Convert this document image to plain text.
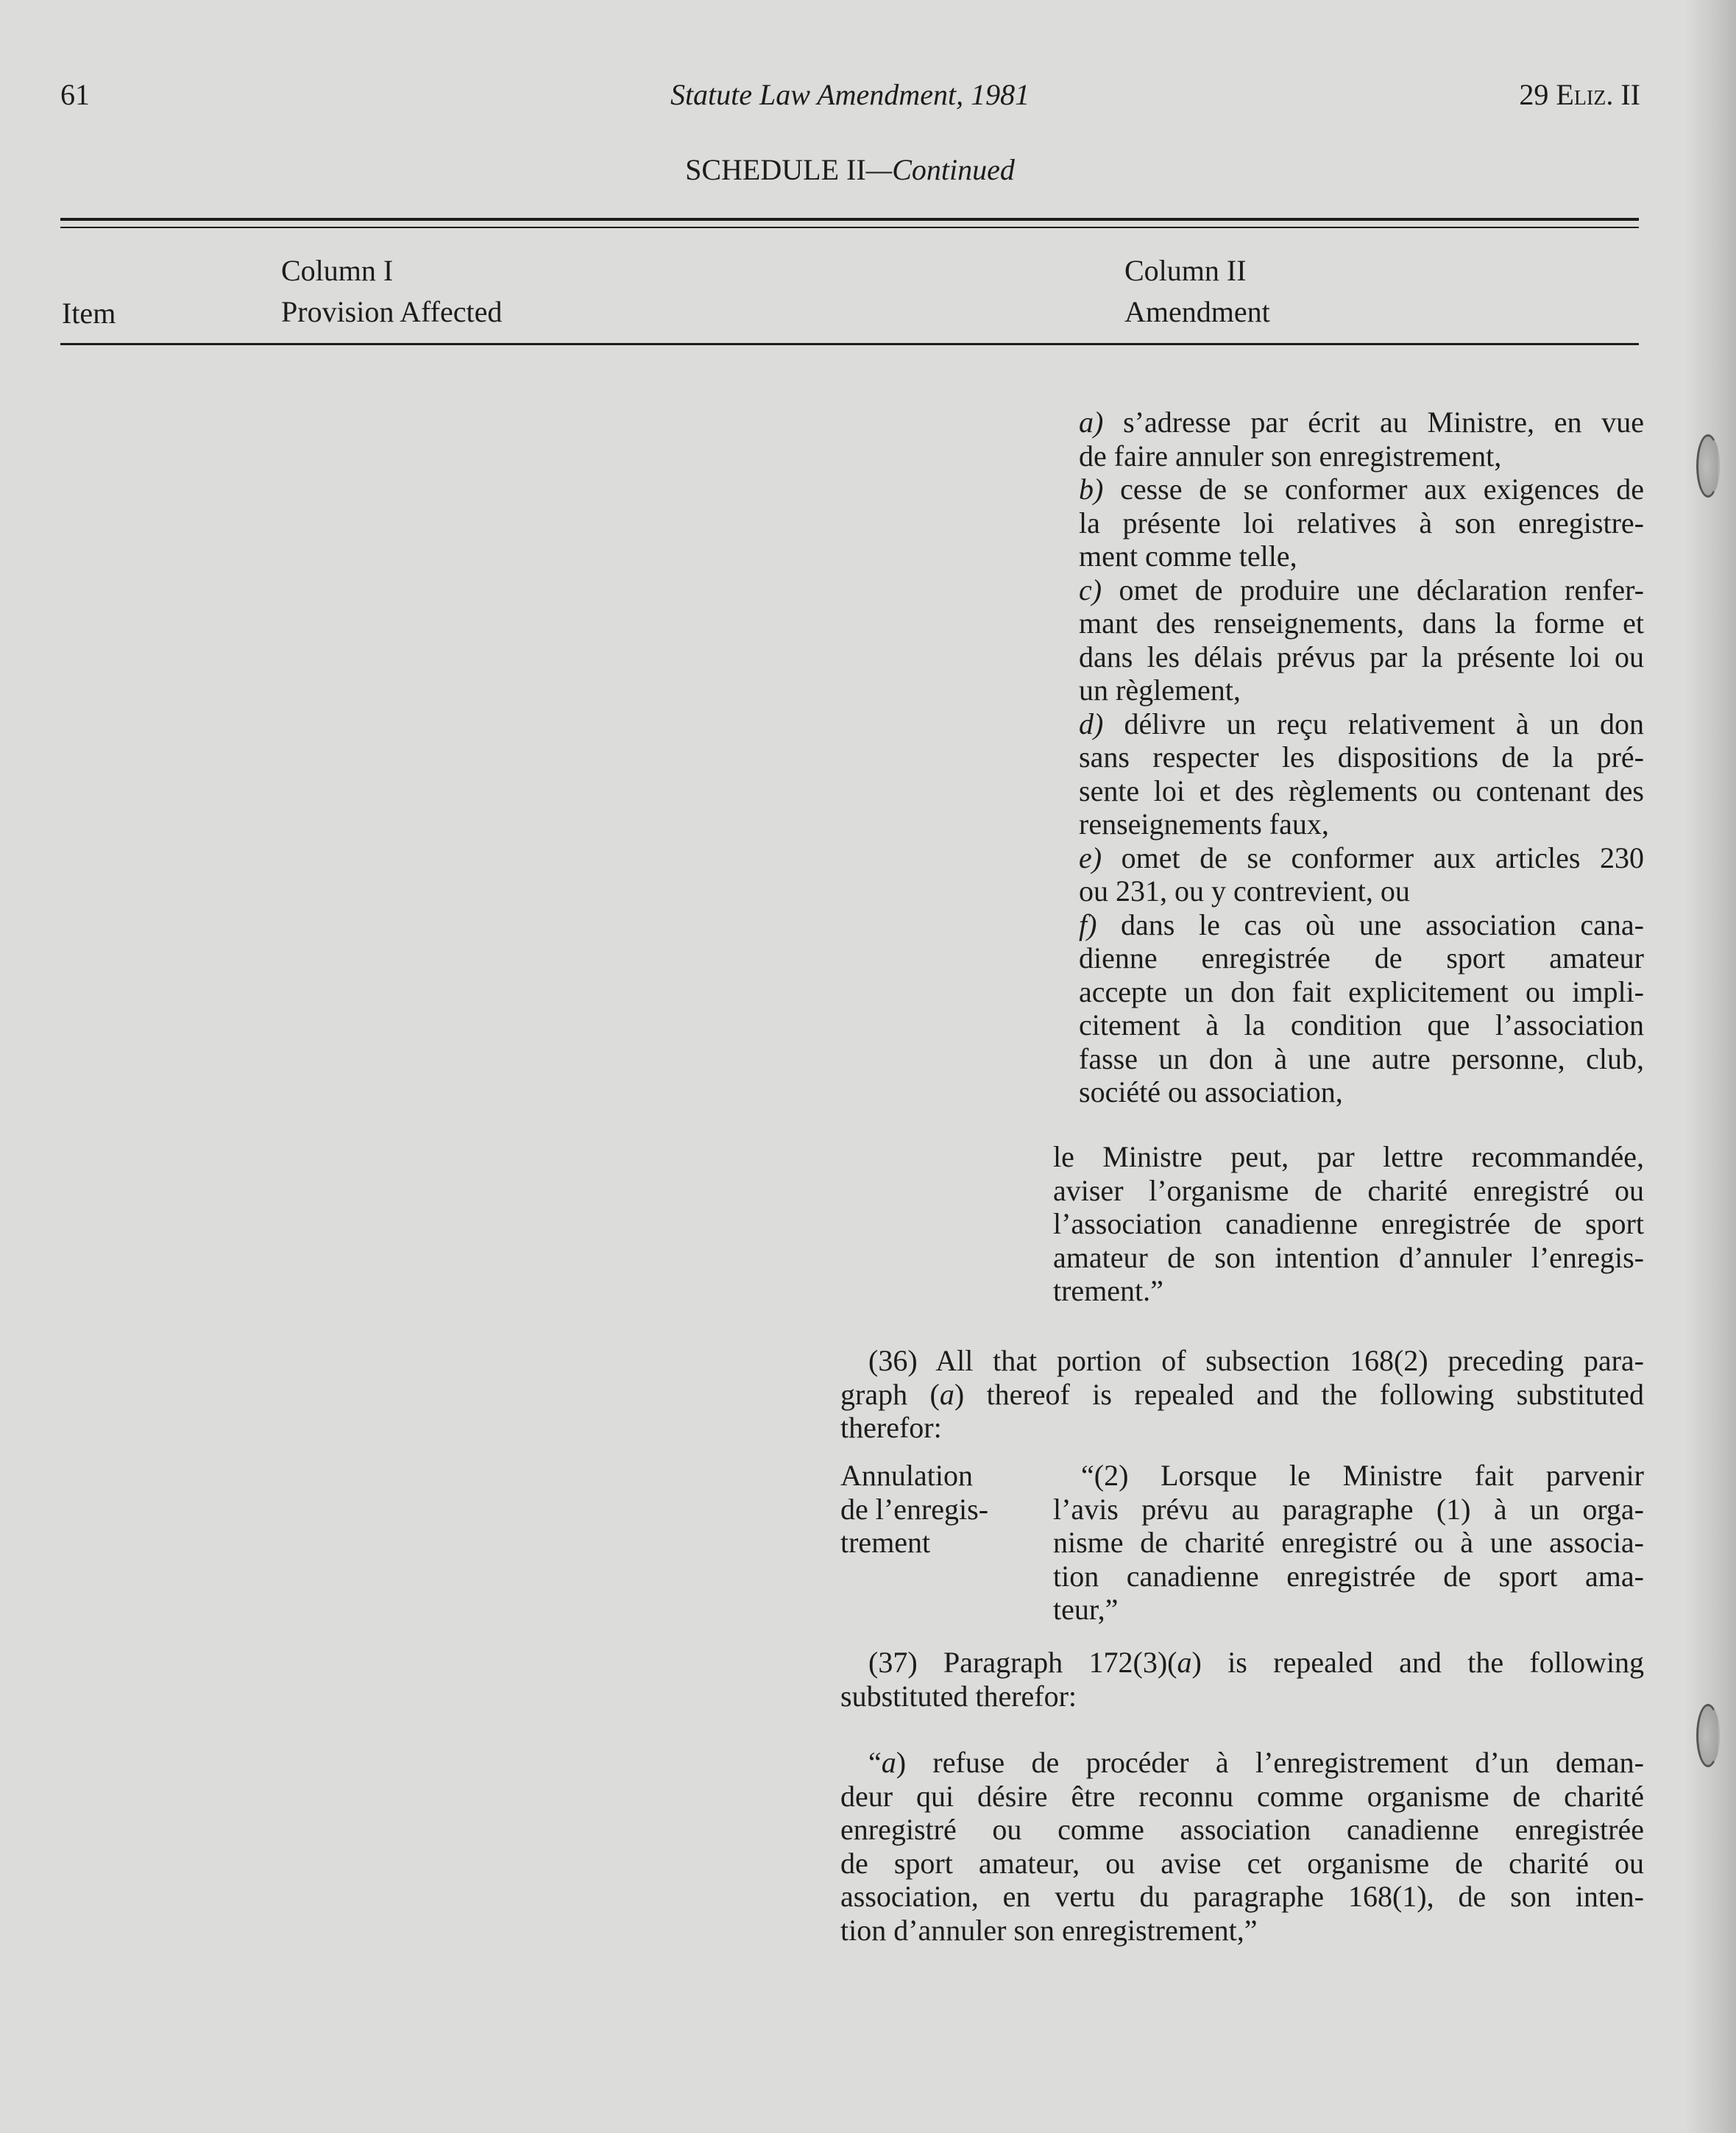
61	Statute Law Amendment, 1981	29 Eliz. II
SCHEDULE II—Continued
Item
Column I
Provision Affected
Column II
Amendment
a) s’adresse par écrit au Ministre, en vue
de faire annuler son enregistrement,
b) cesse de se conformer aux exigences de
la présente loi relatives à son enregistre-
ment comme telle,
c) omet de produire une déclaration renfer-
mant des renseignements, dans la forme et
dans les délais prévus par la présente loi ou
un règlement,
d) délivre un reçu relativement à un don
sans respecter les dispositions de la pré-
sente loi et des règlements ou contenant des
renseignements faux,
e) omet de se conformer aux articles 230
ou 231, ou y contrevient, ou
f) dans le cas où une association cana-
dienne enregistrée de sport amateur
accepte un don fait explicitement ou impli-
citement à la condition que l’association
fasse un don à une autre personne, club,
société ou association,
le Ministre peut, par lettre recommandée,
aviser l’organisme de charité enregistré ou
l’association canadienne enregistrée de sport
amateur de son intention d’annuler l’enregis-
trement.”
(36) All that portion of subsection 168(2) preceding para-
graph (a) thereof is repealed and the following substituted
therefor:
Annulation
de l’enregis-
trement
“(2) Lorsque le Ministre fait parvenir
l’avis prévu au paragraphe (1) à un orga-
nisme de charité enregistré ou à une associa-
tion canadienne enregistrée de sport ama-
teur,”
(37) Paragraph 172(3)(a) is repealed and the following
substituted therefor:
“a) refuse de procéder à l’enregistrement d’un deman-
deur qui désire être reconnu comme organisme de charité
enregistré ou comme association canadienne enregistrée
de sport amateur, ou avise cet organisme de charité ou
association, en vertu du paragraphe 168(1), de son inten-
tion d’annuler son enregistrement,”
